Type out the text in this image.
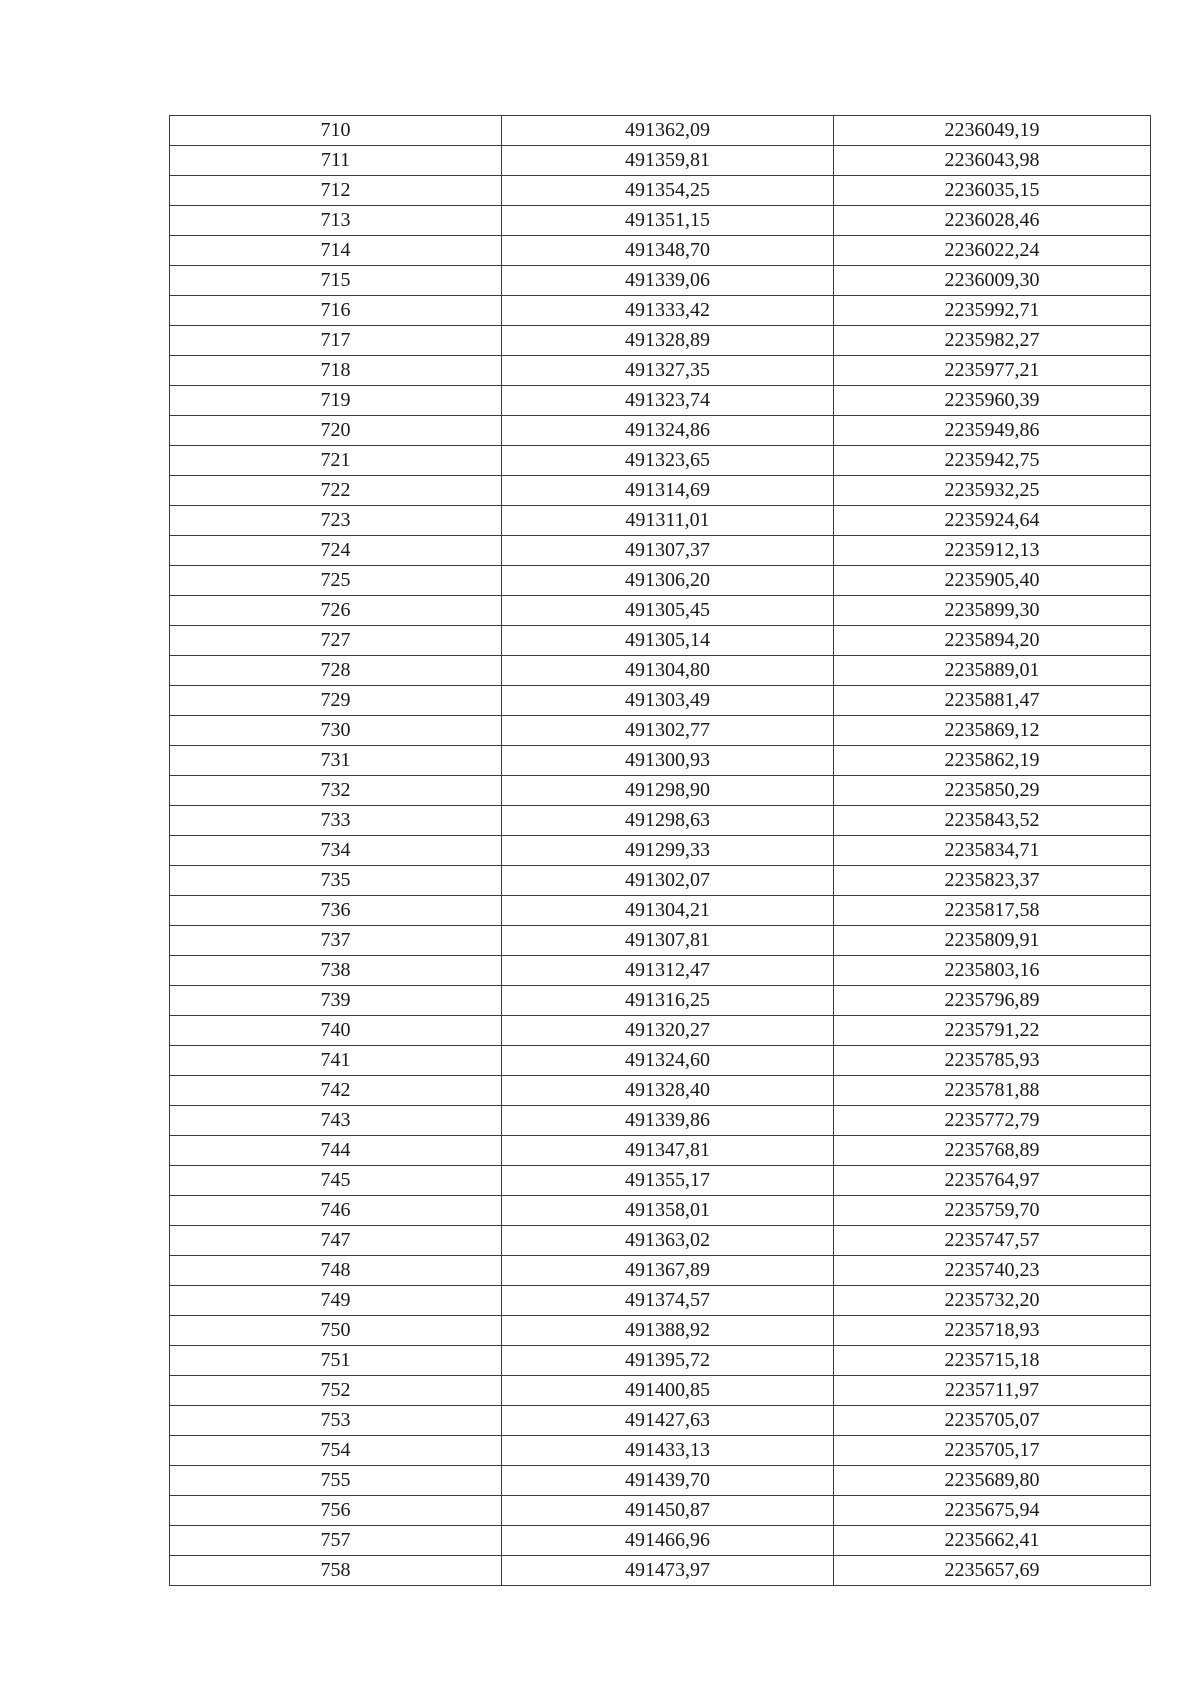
710	491362,09	2236049,19
711	491359,81	2236043,98
712	491354,25	2236035,15
713	491351,15	2236028,46
714	491348,70	2236022,24
715	491339,06	2236009,30
716	491333,42	2235992,71
717	491328,89	2235982,27
718	491327,35	2235977,21
719	491323,74	2235960,39
720	491324,86	2235949,86
721	491323,65	2235942,75
722	491314,69	2235932,25
723	491311,01	2235924,64
724	491307,37	2235912,13
725	491306,20	2235905,40
726	491305,45	2235899,30
727	491305,14	2235894,20
728	491304,80	2235889,01
729	491303,49	2235881,47
730	491302,77	2235869,12
731	491300,93	2235862,19
732	491298,90	2235850,29
733	491298,63	2235843,52
734	491299,33	2235834,71
735	491302,07	2235823,37
736	491304,21	2235817,58
737	491307,81	2235809,91
738	491312,47	2235803,16
739	491316,25	2235796,89
740	491320,27	2235791,22
741	491324,60	2235785,93
742	491328,40	2235781,88
743	491339,86	2235772,79
744	491347,81	2235768,89
745	491355,17	2235764,97
746	491358,01	2235759,70
747	491363,02	2235747,57
748	491367,89	2235740,23
749	491374,57	2235732,20
750	491388,92	2235718,93
751	491395,72	2235715,18
752	491400,85	2235711,97
753	491427,63	2235705,07
754	491433,13	2235705,17
755	491439,70	2235689,80
756	491450,87	2235675,94
757	491466,96	2235662,41
758	491473,97	2235657,69
